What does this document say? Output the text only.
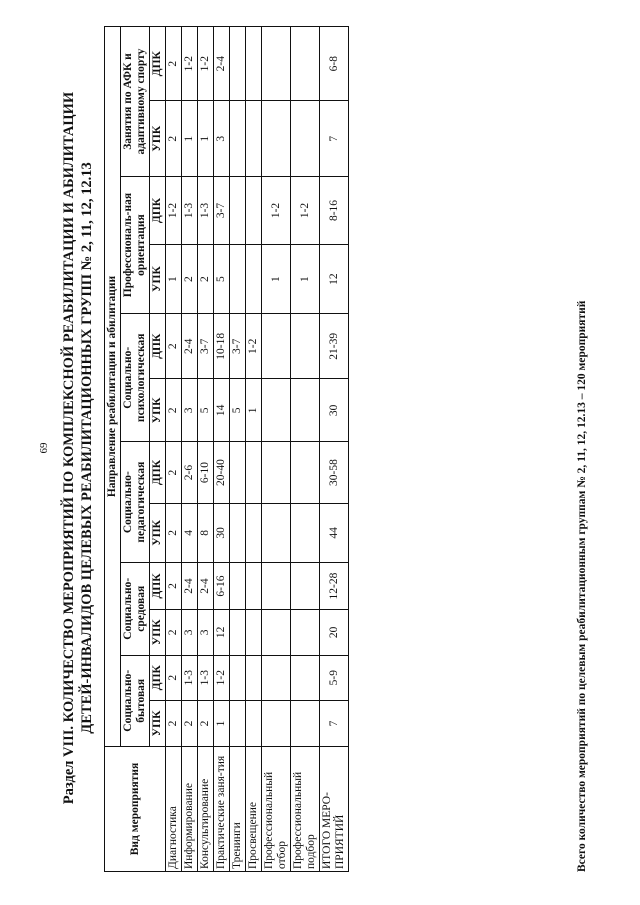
69 Раздел VIII. КОЛИЧЕСТВО МЕРОПРИЯТИЙ ПО КОМПЛЕКСНОЙ РЕАБИЛИТАЦИИ И АБИЛИТАЦИИ ДЕТЕЙ-ИНВАЛИДОВ ЦЕЛЕВЫХ РЕАБИЛИТАЦИОННЫХ ГРУПП № 2, 11, 12, 12.13

Вид мероприятия	Направление реабилитации и абилитации											
	Социально-бытовая		Социально-средовая		Социально-педагогическая		Социально-психологическая		Профессиональ-ная ориентация		Занятия по АФК и адаптивному спорту	
	УПК	ДПК	УПК	ДПК	УПК	ДПК	УПК	ДПК	УПК	ДПК	УПК	ДПК
Диагностика	2	2	2	2	2	2	2	2	1	1-2	2	2
Информирование	2	1-3	3	2-4	4	2-6	3	2-4	2	1-3	1	1-2
Консультирование	2	1-3	3	2-4	8	6-10	5	3-7	2	1-3	1	1-2
Практические заня-тия	1	1-2	12	6-16	30	20-40	14	10-18	5	3-7	3	2-4
Тренинги							5	3-7				
Просвещение							1	1-2				
Профессиональный отбор									1	1-2		
Профессиональный подбор									1	1-2		
ИТОГО МЕРО-ПРИЯТИЙ	7	5-9	20	12-28	44	30-58	30	21-39	12	8-16	7	6-8
Всего количество мероприятий по целевым реабилитационным группам № 2, 11, 12, 12.13 – 120 мероприятий
